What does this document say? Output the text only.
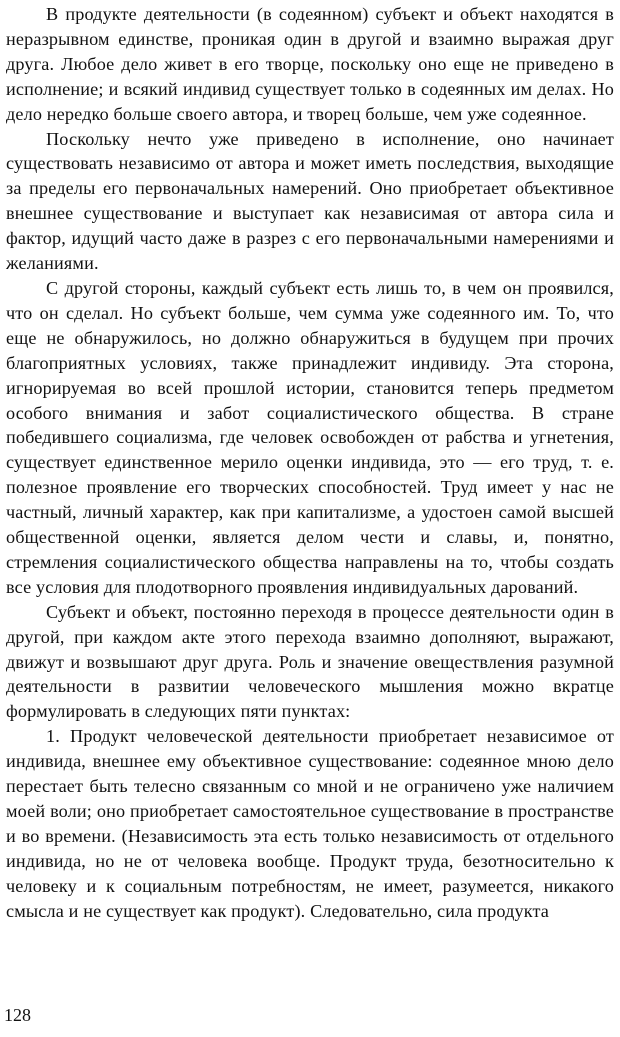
В продукте деятельности (в содеянном) субъект и объект находятся в неразрывном единстве, проникая один в другой и взаимно выражая друг друга. Любое дело живет в его творце, поскольку оно еще не приведено в исполнение; и всякий индивид существует только в содеянных им делах. Но дело нередко больше своего автора, и творец больше, чем уже содеянное.

Поскольку нечто уже приведено в исполнение, оно начинает существовать независимо от автора и может иметь последствия, выходящие за пределы его первоначальных намерений. Оно приобретает объективное внешнее существование и выступает как независимая от автора сила и фактор, идущий часто даже в разрез с его первоначальными намерениями и желаниями.

С другой стороны, каждый субъект есть лишь то, в чем он проявился, что он сделал. Но субъект больше, чем сумма уже содеянного им. То, что еще не обнаружилось, но должно обнаружиться в будущем при прочих благоприятных условиях, также принадлежит индивиду. Эта сторона, игнорируемая во всей прошлой истории, становится теперь предметом особого внимания и забот социалистического общества. В стране победившего социализма, где человек освобожден от рабства и угнетения, существует единственное мерило оценки индивида, это — его труд, т. е. полезное проявление его творческих способностей. Труд имеет у нас не частный, личный характер, как при капитализме, а удостоен самой высшей общественной оценки, является делом чести и славы, и, понятно, стремления социалистического общества направлены на то, чтобы создать все условия для плодотворного проявления индивидуальных дарований.

Субъект и объект, постоянно переходя в процессе деятельности один в другой, при каждом акте этого перехода взаимно дополняют, выражают, движут и возвышают друг друга. Роль и значение овеществления разумной деятельности в развитии человеческого мышления можно вкратце формулировать в следующих пяти пунктах:

1. Продукт человеческой деятельности приобретает независимое от индивида, внешнее ему объективное существование: содеянное мною дело перестает быть телесно связанным со мной и не ограничено уже наличием моей воли; оно приобретает самостоятельное существование в пространстве и во времени. (Независимость эта есть только независимость от отдельного индивида, но не от человека вообще. Продукт труда, безотносительно к человеку и к социальным потребностям, не имеет, разумеется, никакого смысла и не существует как продукт). Следовательно, сила продукта

128
